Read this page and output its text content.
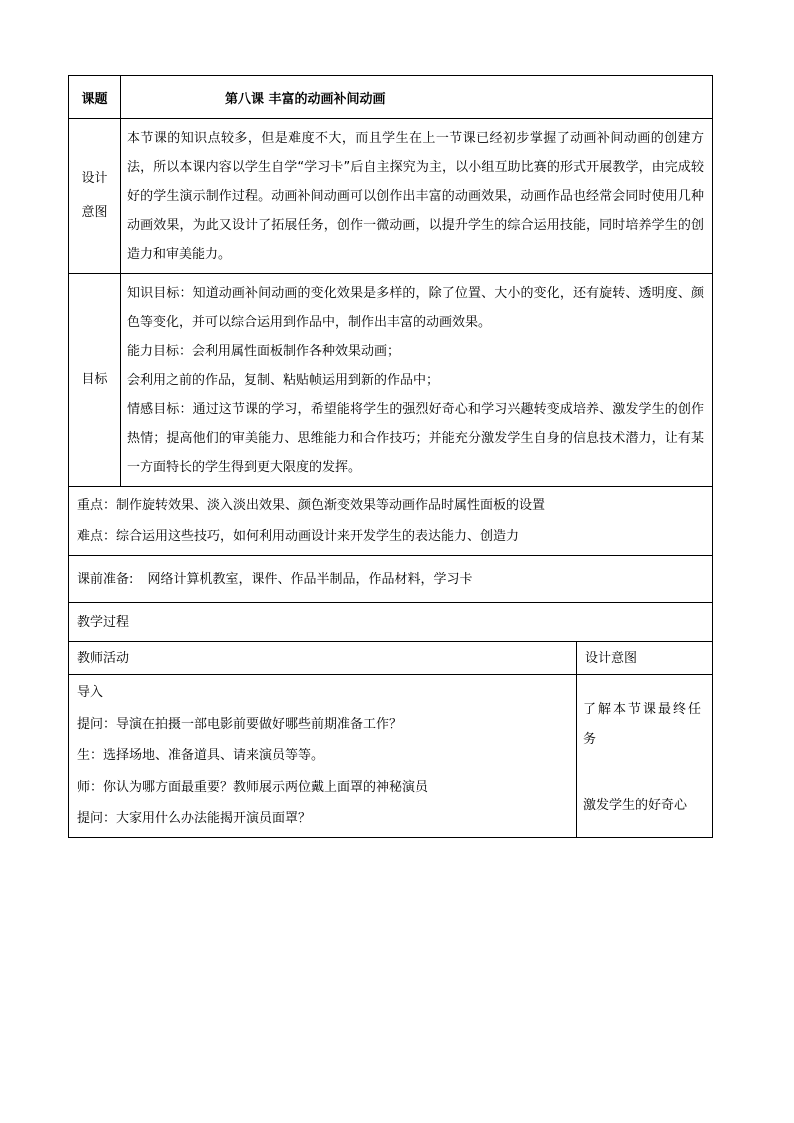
课题	第八课 丰富的动画补间动画	

设计
意图	本节课的知识点较多，但是难度不大，而且学生在上一节课已经初步掌握了动画补间动画的创建方法，所以本课内容以学生自学“学习卡”后自主探究为主，以小组互助比赛的形式开展教学，由完成较好的学生演示制作过程。动画补间动画可以创作出丰富的动画效果，动画作品也经常会同时使用几种动画效果，为此又设计了拓展任务，创作一微动画，以提升学生的综合运用技能，同时培养学生的创造力和审美能力。	

目标	知识目标：知道动画补间动画的变化效果是多样的，除了位置、大小的变化，还有旋转、透明度、颜色等变化，并可以综合运用到作品中，制作出丰富的动画效果。
能力目标：会利用属性面板制作各种效果动画；
会利用之前的作品，复制、粘贴帧运用到新的作品中；
情感目标：通过这节课的学习，希望能将学生的强烈好奇心和学习兴趣转变成培养、激发学生的创作热情；提高他们的审美能力、思维能力和合作技巧；并能充分激发学生自身的信息技术潜力，让有某一方面特长的学生得到更大限度的发挥。	

重点：制作旋转效果、淡入淡出效果、颜色渐变效果等动画作品时属性面板的设置
难点：综合运用这些技巧，如何利用动画设计来开发学生的表达能力、创造力		

课前准备: 网络计算机教室，课件、作品半制品，作品材料，学习卡		
教学过程		
教师活动		设计意图

导入
提问：导演在拍摄一部电影前要做好哪些前期准备工作？
生：选择场地、准备道具、请来演员等等。
师：你认为哪方面最重要？教师展示两位戴上面罩的神秘演员
提问：大家用什么办法能揭开演员面罩？		了解本节课最终任务
激发学生的好奇心
